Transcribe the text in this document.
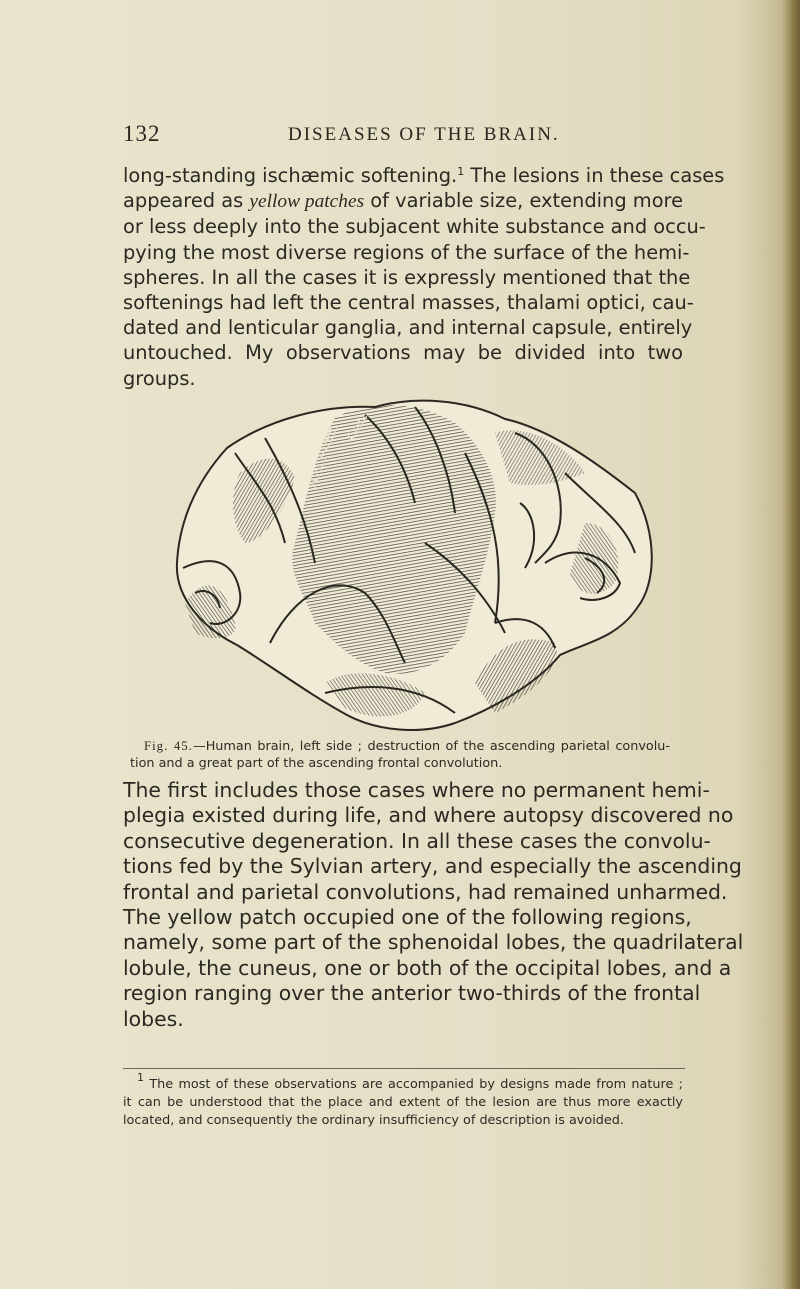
132	DISEASES OF THE BRAIN.
long-standing ischæmic softening.$^1$ The lesions in these cases
appeared as yellow patches of variable size, extending more
or less deeply into the subjacent white substance and occu-
pying the most diverse regions of the surface of the hemi-
spheres. In all the cases it is expressly mentioned that the
softenings had left the central masses, thalami optici, cau-
dated and lenticular ganglia, and internal capsule, entirely
untouched. My observations may be divided into two
groups.
Asc. Front. Conv.
Fig. 45.—Human brain, left side ; destruction of the ascending parietal convolu-
tion and a great part of the ascending frontal convolution.
The first includes those cases where no permanent hemi-
plegia existed during life, and where autopsy discovered no
consecutive degeneration. In all these cases the convolu-
tions fed by the Sylvian artery, and especially the ascending
frontal and parietal convolutions, had remained unharmed.
The yellow patch occupied one of the following regions,
namely, some part of the sphenoidal lobes, the quadrilateral
lobule, the cuneus, one or both of the occipital lobes, and a
region ranging over the anterior two-thirds of the frontal
lobes.
$^1$ The most of these observations are accompanied by designs made from nature ;
it can be understood that the place and extent of the lesion are thus more exactly
located, and consequently the ordinary insufficiency of description is avoided.
